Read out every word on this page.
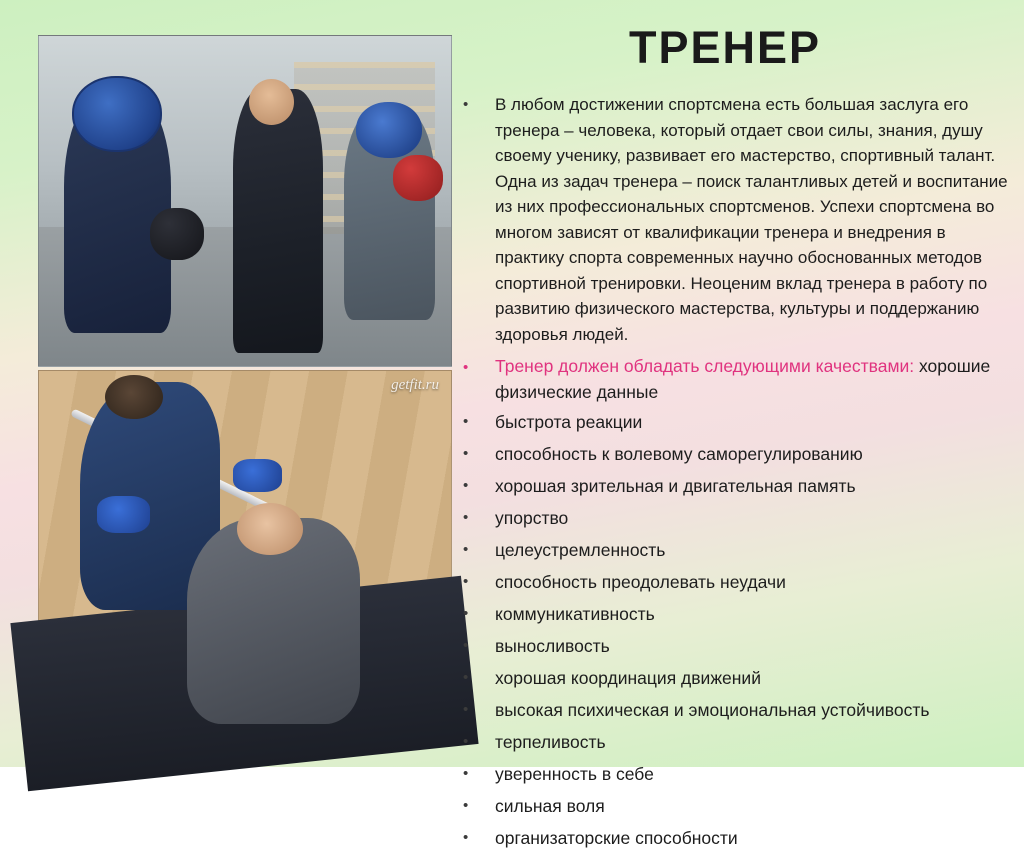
ТРЕНЕР
getfit.ru
•	В любом достижении спортсмена есть большая заслуга его тренера – человека, который отдает свои силы, знания, душу своему ученику, развивает его мастерство, спортивный талант. Одна из задач тренера – поиск талантливых детей и воспитание из них профессиональных спортсменов. Успехи спортсмена во многом зависят от квалификации тренера и внедрения в практику спорта современных научно обоснованных методов спортивной тренировки. Неоценим вклад тренера в работу по развитию физического мастерства, культуры и поддержанию здоровья людей.
•	Тренер должен обладать следующими качествами: хорошие физические данные
•	быстрота реакции
•	способность к волевому саморегулированию
•	хорошая зрительная и двигательная память
•	упорство
•	целеустремленность
•	способность преодолевать неудачи
•	коммуникативность
•	выносливость
•	хорошая координация движений
•	высокая психическая и эмоциональная устойчивость
•	терпеливость
•	уверенность в себе
•	сильная воля
•	организаторские способности
